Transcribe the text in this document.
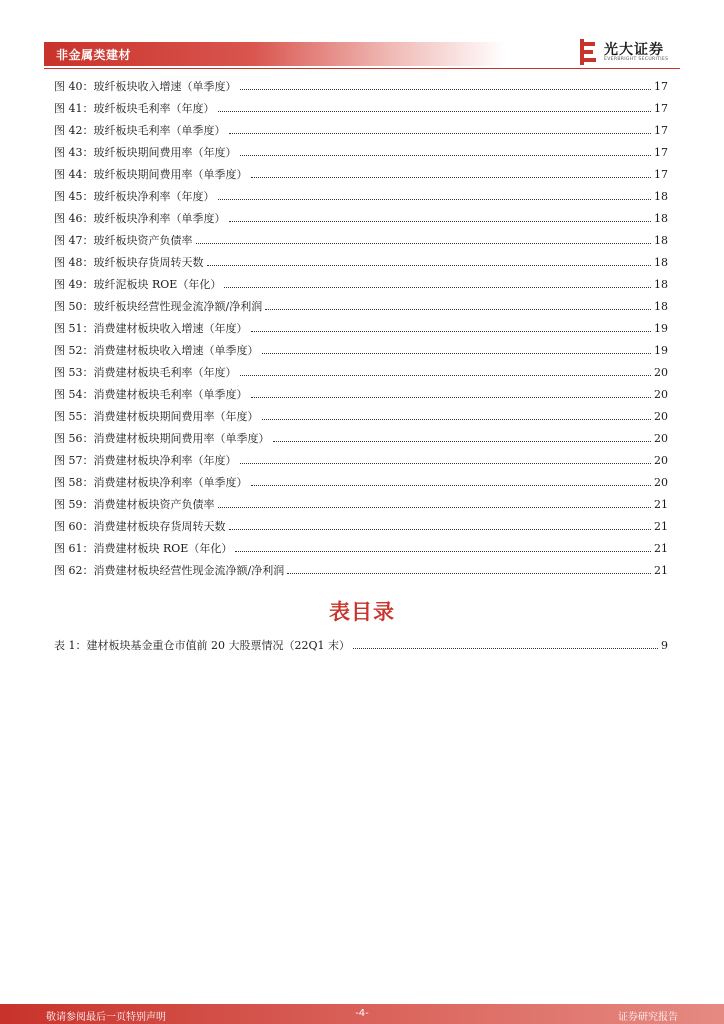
非金属类建材	光大证券
EVERBRIGHT SECURITIES
图 40：玻纤板块收入增速（单季度）	17
图 41：玻纤板块毛利率（年度）	17
图 42：玻纤板块毛利率（单季度）	17
图 43：玻纤板块期间费用率（年度）	17
图 44：玻纤板块期间费用率（单季度）	17
图 45：玻纤板块净利率（年度）	18
图 46：玻纤板块净利率（单季度）	18
图 47：玻纤板块资产负债率	18
图 48：玻纤板块存货周转天数	18
图 49：玻纤泥板块 ROE（年化）	18
图 50：玻纤板块经营性现金流净额/净利润	18
图 51：消费建材板块收入增速（年度）	19
图 52：消费建材板块收入增速（单季度）	19
图 53：消费建材板块毛利率（年度）	20
图 54：消费建材板块毛利率（单季度）	20
图 55：消费建材板块期间费用率（年度）	20
图 56：消费建材板块期间费用率（单季度）	20
图 57：消费建材板块净利率（年度）	20
图 58：消费建材板块净利率（单季度）	20
图 59：消费建材板块资产负债率	21
图 60：消费建材板块存货周转天数	21
图 61：消费建材板块 ROE（年化）	21
图 62：消费建材板块经营性现金流净额/净利润	21
表目录
表 1：建材板块基金重仓市值前 20 大股票情况（22Q1 末）	9
敬请参阅最后一页特别声明	-4-	证券研究报告
